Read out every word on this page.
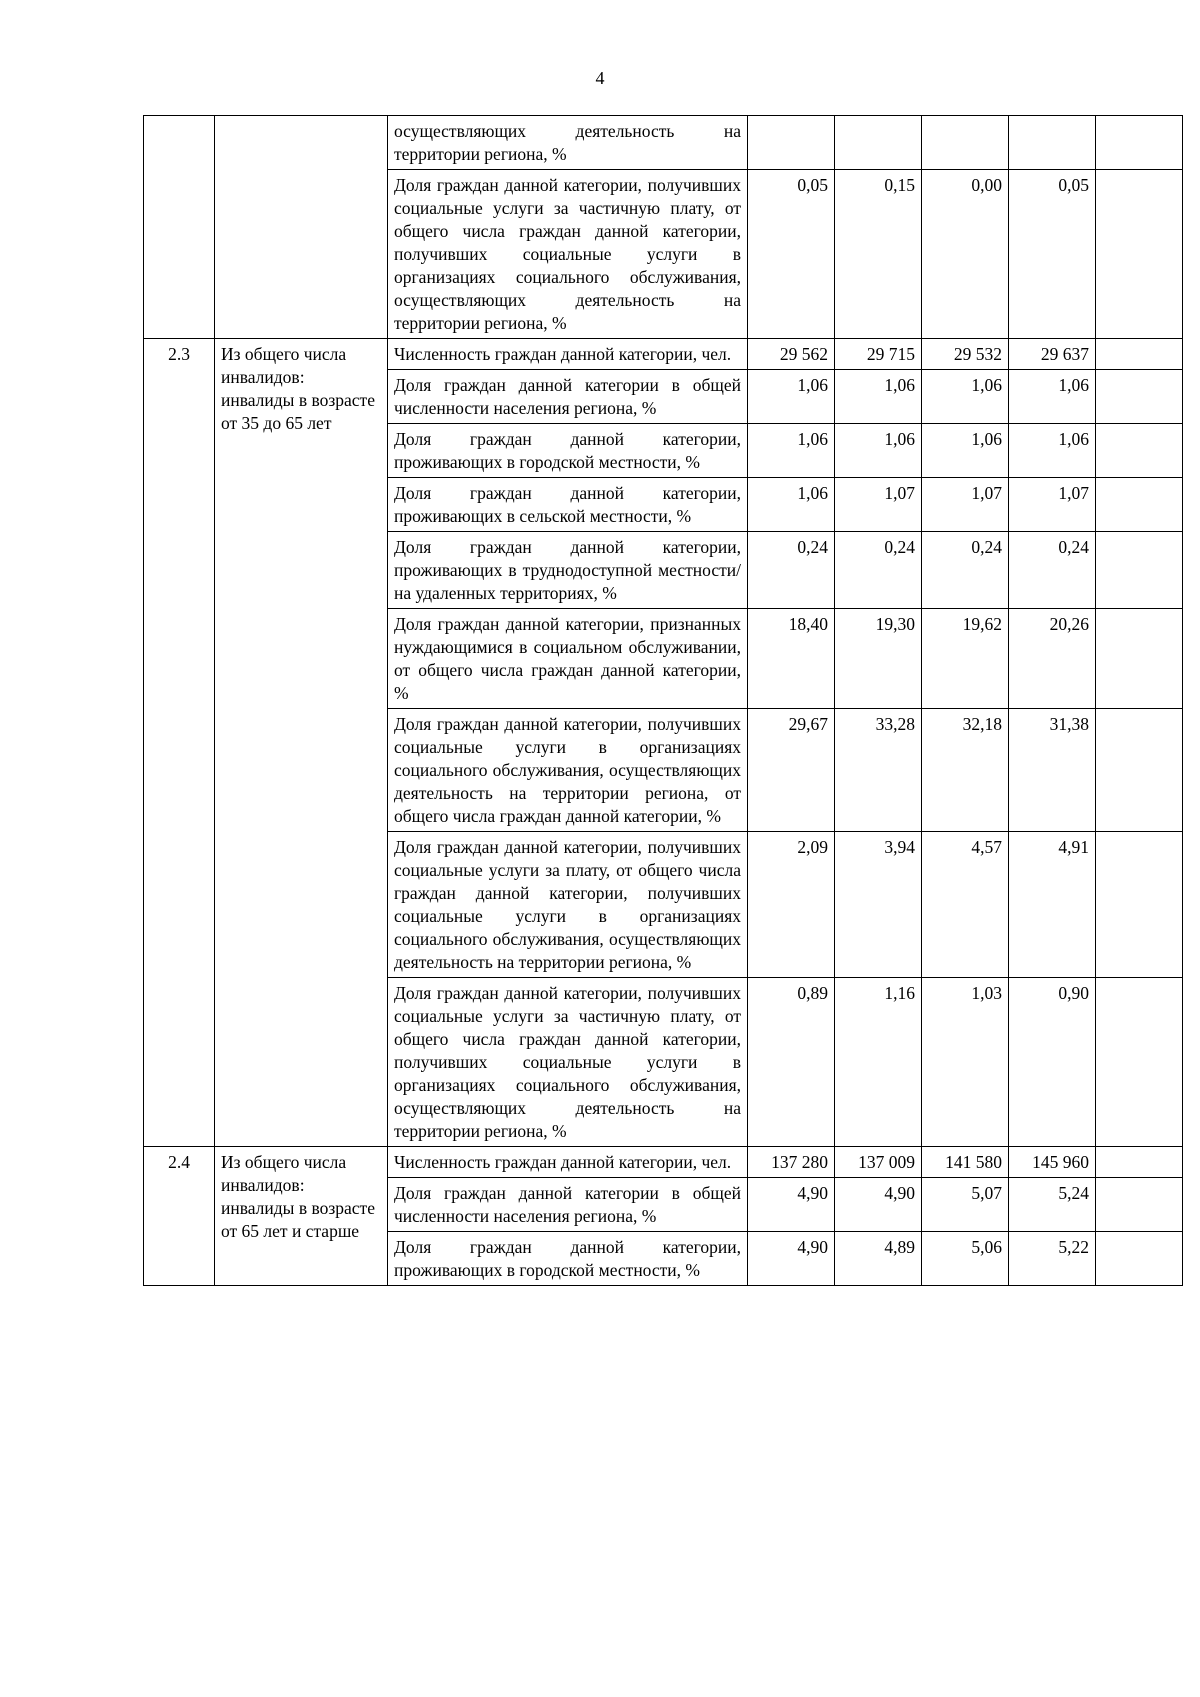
4
		осуществляющих деятельность на территории региона, %					
		Доля граждан данной категории, получивших социальные услуги за частичную плату, от общего числа граждан данной категории, получивших социальные услуги в организациях социального обслуживания, осуществляющих деятельность на территории региона, %	0,05	0,15	0,00	0,05	
2.3	Из общего числа инвалидов: инвалиды в возрасте от 35 до 65 лет	Численность граждан данной категории, чел.	29 562	29 715	29 532	29 637	
		Доля граждан данной категории в общей численности населения региона, %	1,06	1,06	1,06	1,06	
		Доля граждан данной категории, проживающих в городской местности, %	1,06	1,06	1,06	1,06	
		Доля граждан данной категории, проживающих в сельской местности, %	1,06	1,07	1,07	1,07	
		Доля граждан данной категории, проживающих в труднодоступной местности/на удаленных территориях, %	0,24	0,24	0,24	0,24	
		Доля граждан данной категории, признанных нуждающимися в социальном обслуживании, от общего числа граждан данной категории, %	18,40	19,30	19,62	20,26	
		Доля граждан данной категории, получивших социальные услуги в организациях социального обслуживания, осуществляющих деятельность на территории региона, от общего числа граждан данной категории, %	29,67	33,28	32,18	31,38	
		Доля граждан данной категории, получивших социальные услуги за плату, от общего числа граждан данной категории, получивших социальные услуги в организациях социального обслуживания, осуществляющих деятельность на территории региона, %	2,09	3,94	4,57	4,91	
		Доля граждан данной категории, получивших социальные услуги за частичную плату, от общего числа граждан данной категории, получивших социальные услуги в организациях социального обслуживания, осуществляющих деятельность на территории региона, %	0,89	1,16	1,03	0,90	
2.4	Из общего числа инвалидов: инвалиды в возрасте от 65 лет и старше	Численность граждан данной категории, чел.	137 280	137 009	141 580	145 960	
		Доля граждан данной категории в общей численности населения региона, %	4,90	4,90	5,07	5,24	
		Доля граждан данной категории, проживающих в городской местности, %	4,90	4,89	5,06	5,22	
